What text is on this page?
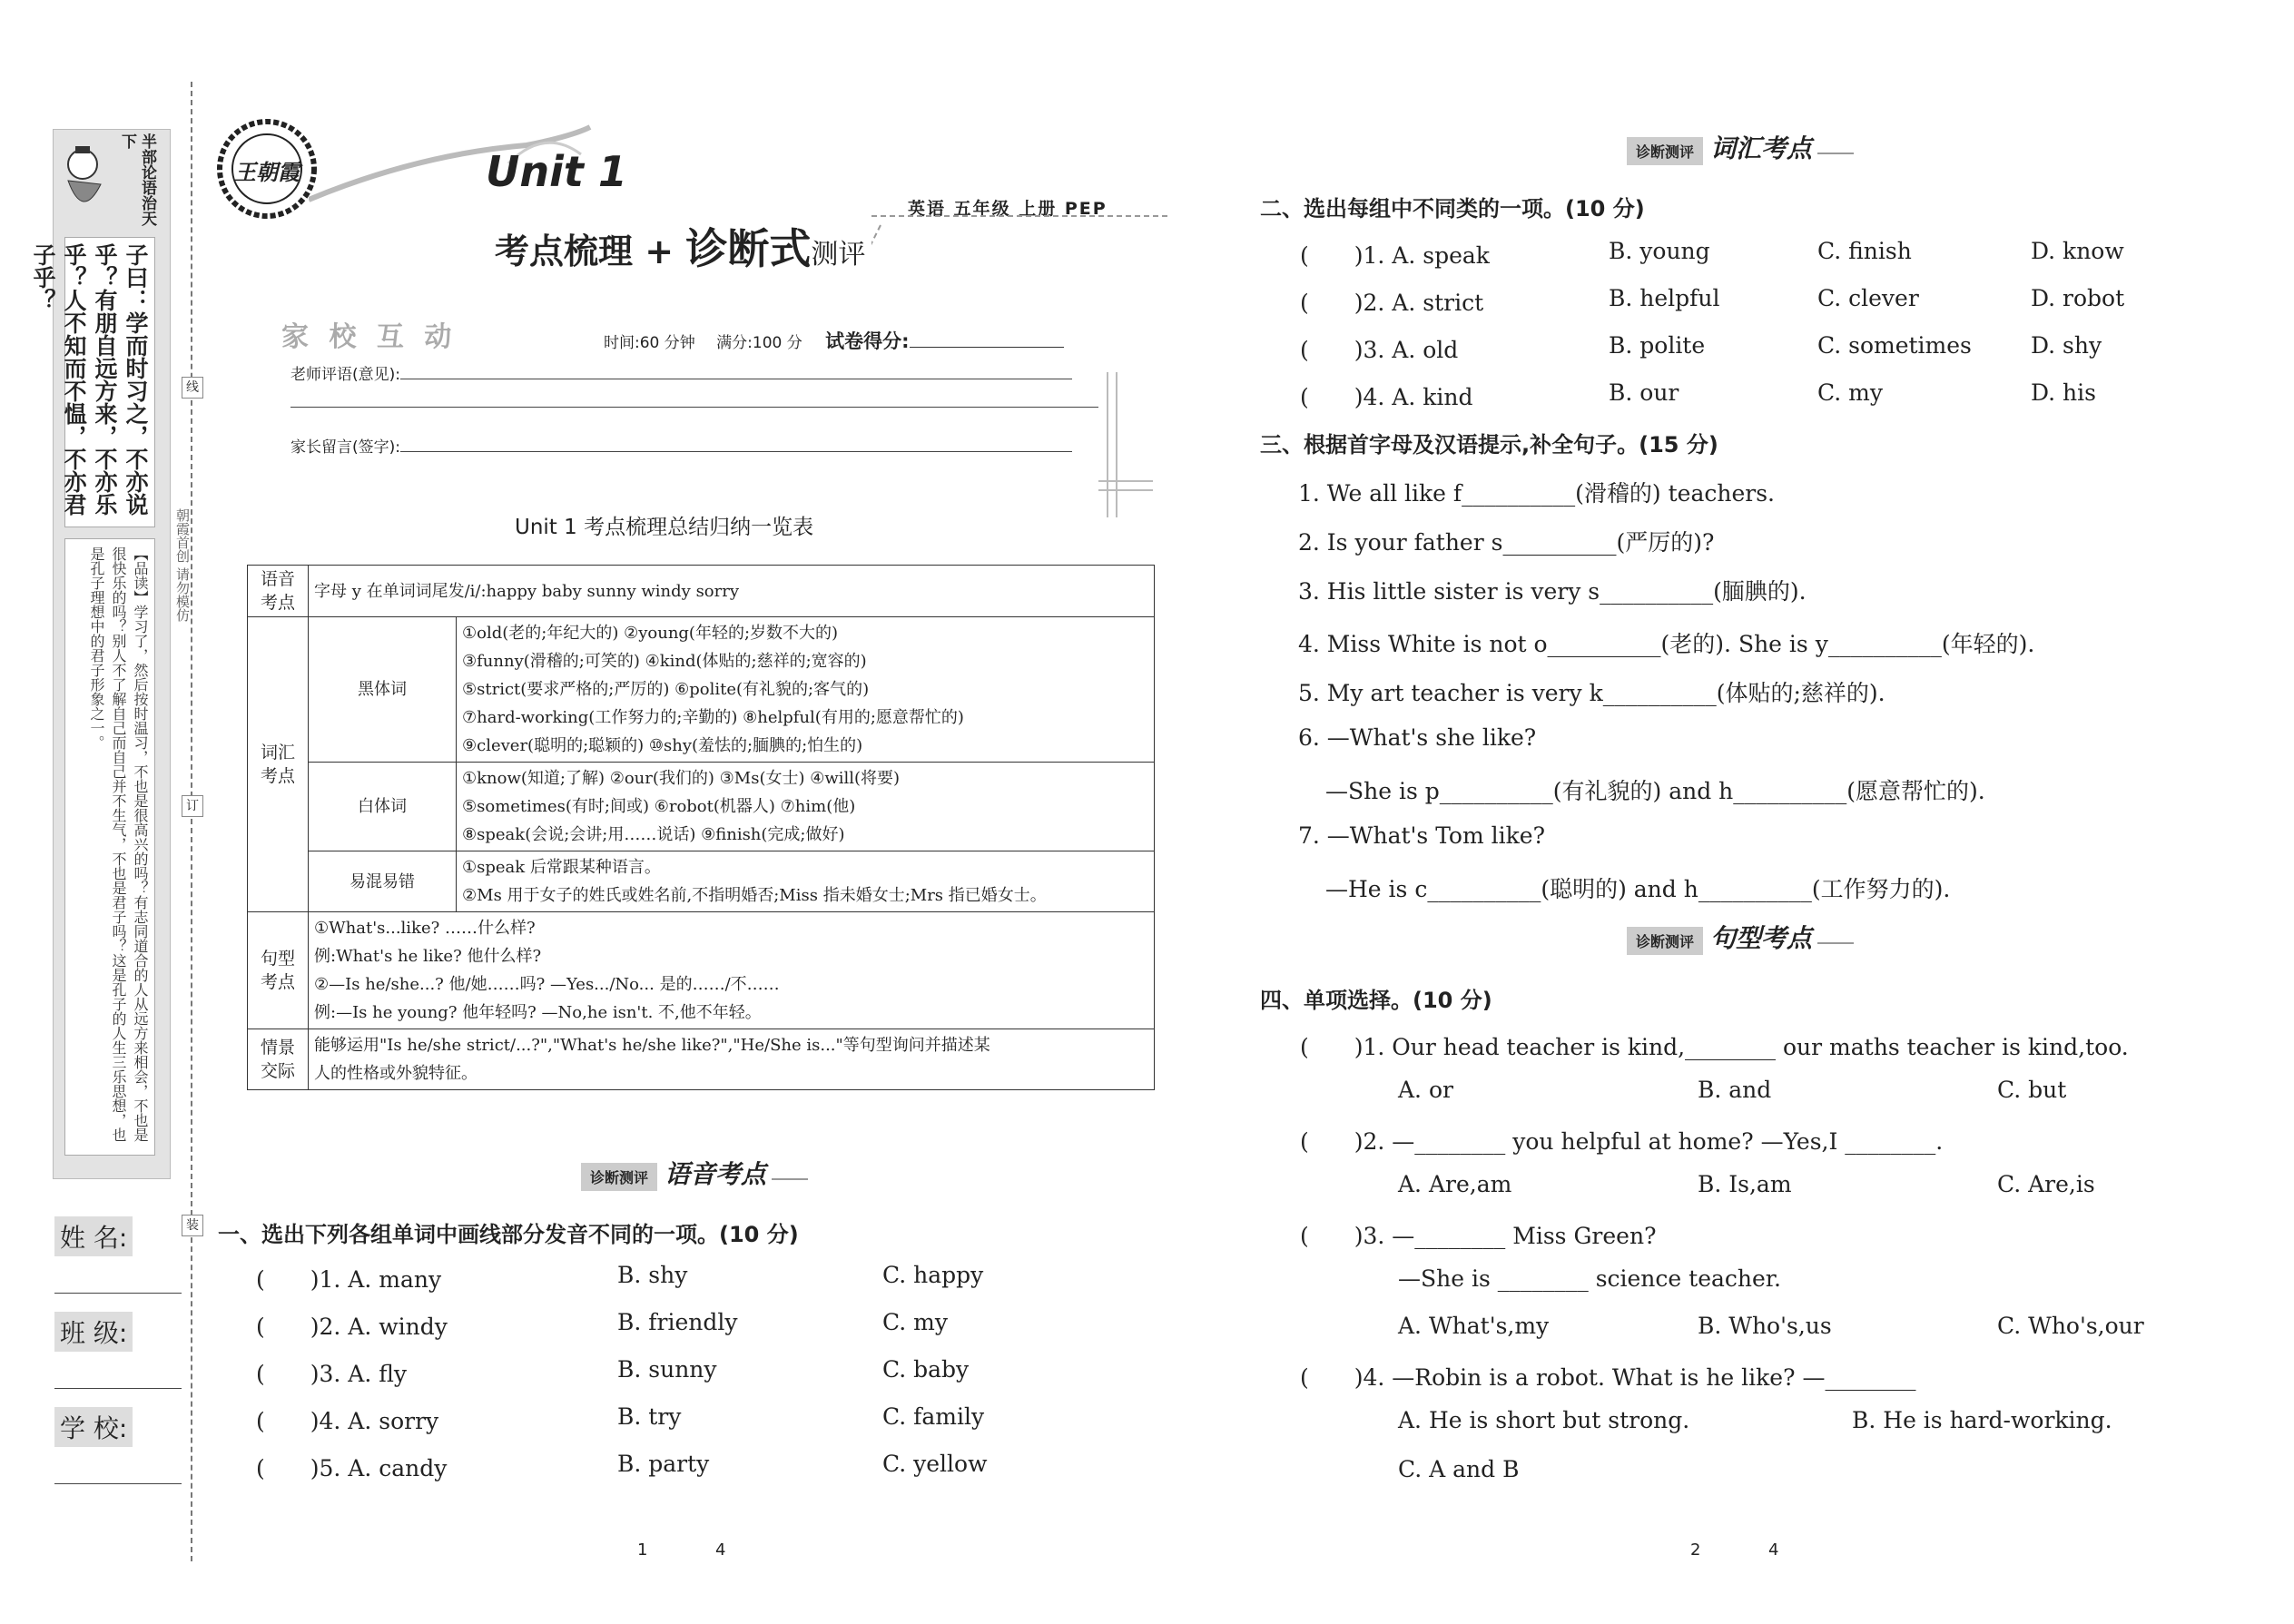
半部论语治天下
子曰：学而时习之，不亦说乎？有朋自远方来，不亦乐乎？人不知而不愠，不亦君子乎？
【品读】学习了，然后按时温习，不也是很高兴的吗？有志同道合的人从远方来相会，不也是很快乐的吗？别人不了解自己而自己并不生气，不也是君子吗？这是孔子的人生三乐思想，也是孔子理想中的君子形象之一。
姓 名:
班 级:
学 校:
朝霞首创 请勿模仿
线
订
装
王朝霞	Unit 1
考点梳理 + 诊断式测评
英语 五年级 上册 PEP
家 校 互 动	时间:60 分钟 满分:100 分 试卷得分:
老师评语(意见):
家长留言(签字):
Unit 1 考点梳理总结归纳一览表
语音考点	字母 y 在单词词尾发/i/:happy baby sunny windy sorry	
词汇考点	黑体词	①old(老的;年纪大的) ②young(年轻的;岁数不大的)
③funny(滑稽的;可笑的) ④kind(体贴的;慈祥的;宽容的)
⑤strict(要求严格的;严厉的) ⑥polite(有礼貌的;客气的)
⑦hard-working(工作努力的;辛勤的) ⑧helpful(有用的;愿意帮忙的)
⑨clever(聪明的;聪颖的) ⑩shy(羞怯的;腼腆的;怕生的)

	白体词	①know(知道;了解) ②our(我们的) ③Ms(女士) ④will(将要)
⑤sometimes(有时;间或) ⑥robot(机器人) ⑦him(他)
⑧speak(会说;会讲;用……说话) ⑨finish(完成;做好)

	易混易错	①speak 后常跟某种语言。
②Ms 用于女子的姓氏或姓名前,不指明婚否;Miss 指未婚女士;Mrs 指已婚女士。

句型考点	①What's...like? ……什么样?
例:What's he like? 他什么样?
②—Is he/she...? 他/她……吗? —Yes.../No... 是的……/不……
例:—Is he young? 他年轻吗? —No,he isn't. 不,他不年轻。	

情景交际	能够运用"Is he/she strict/...?","What's he/she like?","He/She is..."等句型询问并描述某
人的性格或外貌特征。	
诊断测评 语音考点
一、选出下列各组单词中画线部分发音不同的一项。(10 分)
(　　)1. A. many	B. shy	C. happy
(　　)2. A. windy	B. friendly	C. my
(　　)3. A. fly	B. sunny	C. baby
(　　)4. A. sorry	B. try	C. family
(　　)5. A. candy	B. party	C. yellow
1	4
诊断测评 词汇考点
二、选出每组中不同类的一项。(10 分)
(　　)1. A. speak	B. young	C. finish	D. know
(　　)2. A. strict	B. helpful	C. clever	D. robot
(　　)3. A. old	B. polite	C. sometimes	D. shy
(　　)4. A. kind	B. our	C. my	D. his
三、根据首字母及汉语提示,补全句子。(15 分)
1. We all like f__________(滑稽的) teachers.
2. Is your father s__________(严厉的)?
3. His little sister is very s__________(腼腆的).
4. Miss White is not o__________(老的). She is y__________(年轻的).
5. My art teacher is very k__________(体贴的;慈祥的).
6. —What's she like?
—She is p__________(有礼貌的) and h__________(愿意帮忙的).
7. —What's Tom like?
—He is c__________(聪明的) and h__________(工作努力的).
诊断测评 句型考点
四、单项选择。(10 分)
(　　)1. Our head teacher is kind,________ our maths teacher is kind,too.
A. or	B. and	C. but
(　　)2. —________ you helpful at home? —Yes,I ________.
A. Are,am	B. Is,am	C. Are,is
(　　)3. —________ Miss Green?
—She is ________ science teacher.
A. What's,my	B. Who's,us	C. Who's,our
(　　)4. —Robin is a robot. What is he like? —________
A. He is short but strong.	B. He is hard-working.
C. A and B
2	4
